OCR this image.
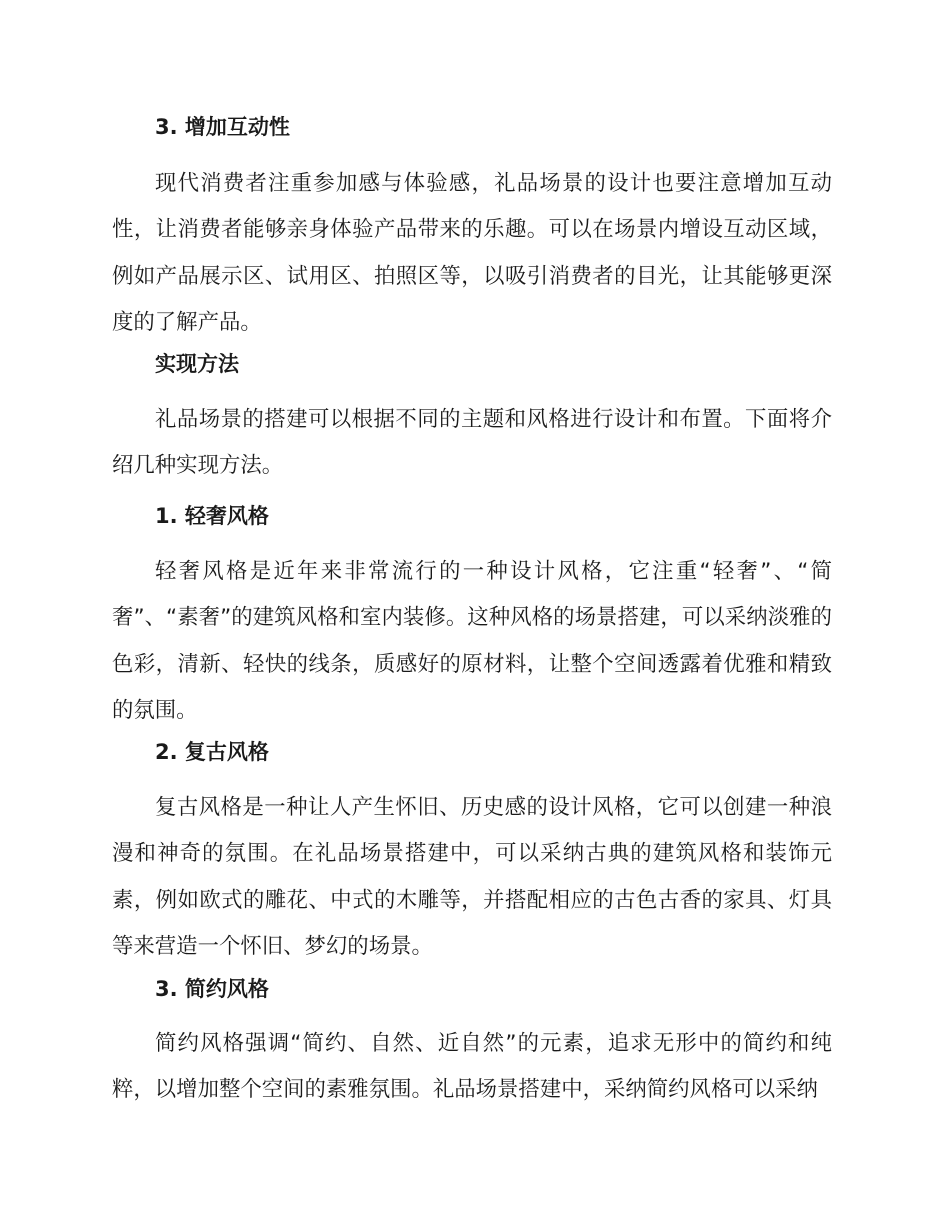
3. 增加互动性
现代消费者注重参加感与体验感，礼品场景的设计也要注意增加互动性，让消费者能够亲身体验产品带来的乐趣。可以在场景内增设互动区域，例如产品展示区、试用区、拍照区等，以吸引消费者的目光，让其能够更深度的了解产品。
实现方法
礼品场景的搭建可以根据不同的主题和风格进行设计和布置。下面将介绍几种实现方法。
1. 轻奢风格
轻奢风格是近年来非常流行的一种设计风格，它注重“轻奢”、“简奢”、“素奢”的建筑风格和室内装修。这种风格的场景搭建，可以采纳淡雅的色彩，清新、轻快的线条，质感好的原材料，让整个空间透露着优雅和精致的氛围。
2. 复古风格
复古风格是一种让人产生怀旧、历史感的设计风格，它可以创建一种浪漫和神奇的氛围。在礼品场景搭建中，可以采纳古典的建筑风格和装饰元素，例如欧式的雕花、中式的木雕等，并搭配相应的古色古香的家具、灯具等来营造一个怀旧、梦幻的场景。
3. 简约风格
简约风格强调“简约、自然、近自然”的元素，追求无形中的简约和纯粹，以增加整个空间的素雅氛围。礼品场景搭建中，采纳简约风格可以采纳
